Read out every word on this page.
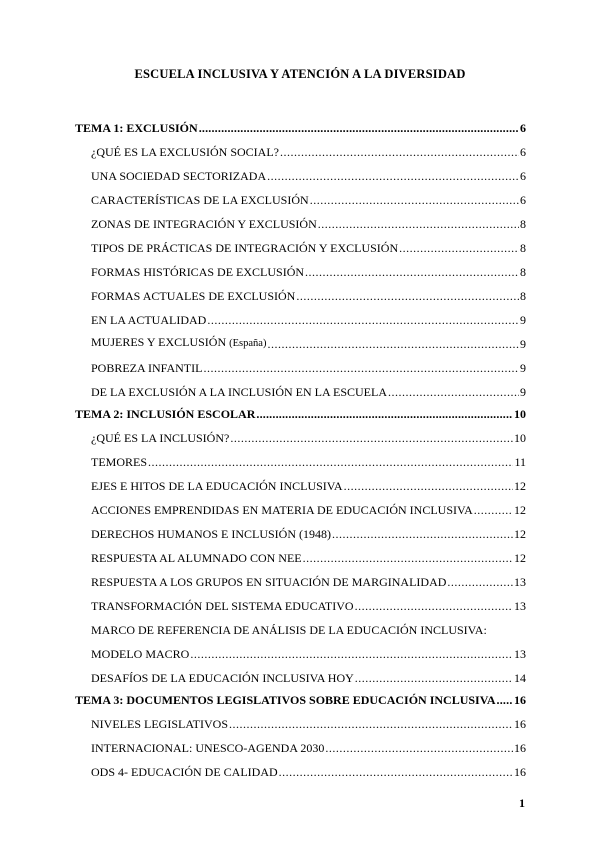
ESCUELA INCLUSIVA Y ATENCIÓN A LA DIVERSIDAD
TEMA 1: EXCLUSIÓN .....	6
¿QUÉ ES LA EXCLUSIÓN SOCIAL? .....	6
UNA SOCIEDAD SECTORIZADA .....	6
CARACTERÍSTICAS DE LA EXCLUSIÓN .....	6
ZONAS DE INTEGRACIÓN Y EXCLUSIÓN .....	8
TIPOS DE PRÁCTICAS DE INTEGRACIÓN Y EXCLUSIÓN .....	8
FORMAS HISTÓRICAS DE EXCLUSIÓN .....	8
FORMAS ACTUALES DE EXCLUSIÓN .....	8
EN LA ACTUALIDAD .....	9
MUJERES Y EXCLUSIÓN (España) .....	9
POBREZA INFANTIL .....	9
DE LA EXCLUSIÓN A LA INCLUSIÓN EN LA ESCUELA .....	9
TEMA 2: INCLUSIÓN ESCOLAR .....	10
¿QUÉ ES LA INCLUSIÓN? .....	10
TEMORES .....	11
EJES E HITOS DE LA EDUCACIÓN INCLUSIVA .....	12
ACCIONES EMPRENDIDAS EN MATERIA DE EDUCACIÓN INCLUSIVA .....	12
DERECHOS HUMANOS E INCLUSIÓN (1948) .....	12
RESPUESTA AL ALUMNADO CON NEE .....	12
RESPUESTA A LOS GRUPOS EN SITUACIÓN DE MARGINALIDAD .....	13
TRANSFORMACIÓN DEL SISTEMA EDUCATIVO .....	13
MARCO DE REFERENCIA DE ANÁLISIS DE LA EDUCACIÓN INCLUSIVA:
MODELO MACRO .....	13
DESAFÍOS DE LA EDUCACIÓN INCLUSIVA HOY .....	14
TEMA 3: DOCUMENTOS LEGISLATIVOS SOBRE EDUCACIÓN INCLUSIVA ..... 16
NIVELES LEGISLATIVOS .....	16
INTERNACIONAL: UNESCO-AGENDA 2030 .....	16
ODS 4- EDUCACIÓN DE CALIDAD .....	16
1
